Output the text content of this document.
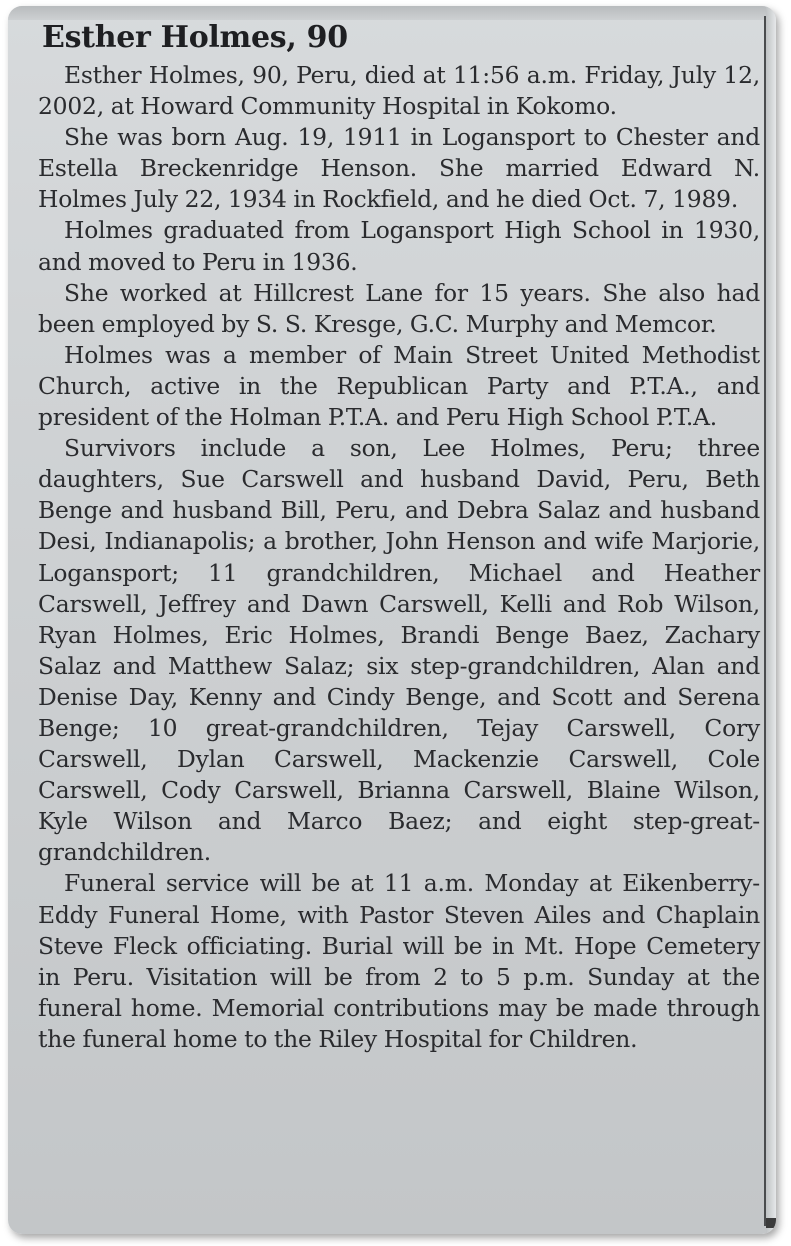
Esther Holmes, 90

Esther Holmes, 90, Peru, died at 11:56 a.m. Friday, July 12, 2002, at Howard Community Hospital in Kokomo.

She was born Aug. 19, 1911 in Logansport to Chester and Estella Breckenridge Henson. She married Edward N. Holmes July 22, 1934 in Rockfield, and he died Oct. 7, 1989.

Holmes graduated from Logansport High School in 1930, and moved to Peru in 1936.

She worked at Hillcrest Lane for 15 years. She also had been employed by S. S. Kresge, G.C. Murphy and Memcor.

Holmes was a member of Main Street United Methodist Church, active in the Republican Party and P.T.A., and president of the Holman P.T.A. and Peru High School P.T.A.

Survivors include a son, Lee Holmes, Peru; three daughters, Sue Carswell and husband David, Peru, Beth Benge and husband Bill, Peru, and Debra Salaz and husband Desi, Indianapolis; a brother, John Henson and wife Marjorie, Logansport; 11 grandchildren, Michael and Heather Carswell, Jeffrey and Dawn Carswell, Kelli and Rob Wilson, Ryan Holmes, Eric Holmes, Brandi Benge Baez, Zachary Salaz and Matthew Salaz; six step-grandchildren, Alan and Denise Day, Kenny and Cindy Benge, and Scott and Serena Benge; 10 great-grandchildren, Tejay Carswell, Cory Carswell, Dylan Carswell, Mackenzie Carswell, Cole Carswell, Cody Carswell, Brianna Carswell, Blaine Wilson, Kyle Wilson and Marco Baez; and eight step-great-grandchildren.

Funeral service will be at 11 a.m. Monday at Eikenberry-Eddy Funeral Home, with Pastor Steven Ailes and Chaplain Steve Fleck officiating. Burial will be in Mt. Hope Cemetery in Peru. Visitation will be from 2 to 5 p.m. Sunday at the funeral home. Memorial contributions may be made through the funeral home to the Riley Hospital for Children.
